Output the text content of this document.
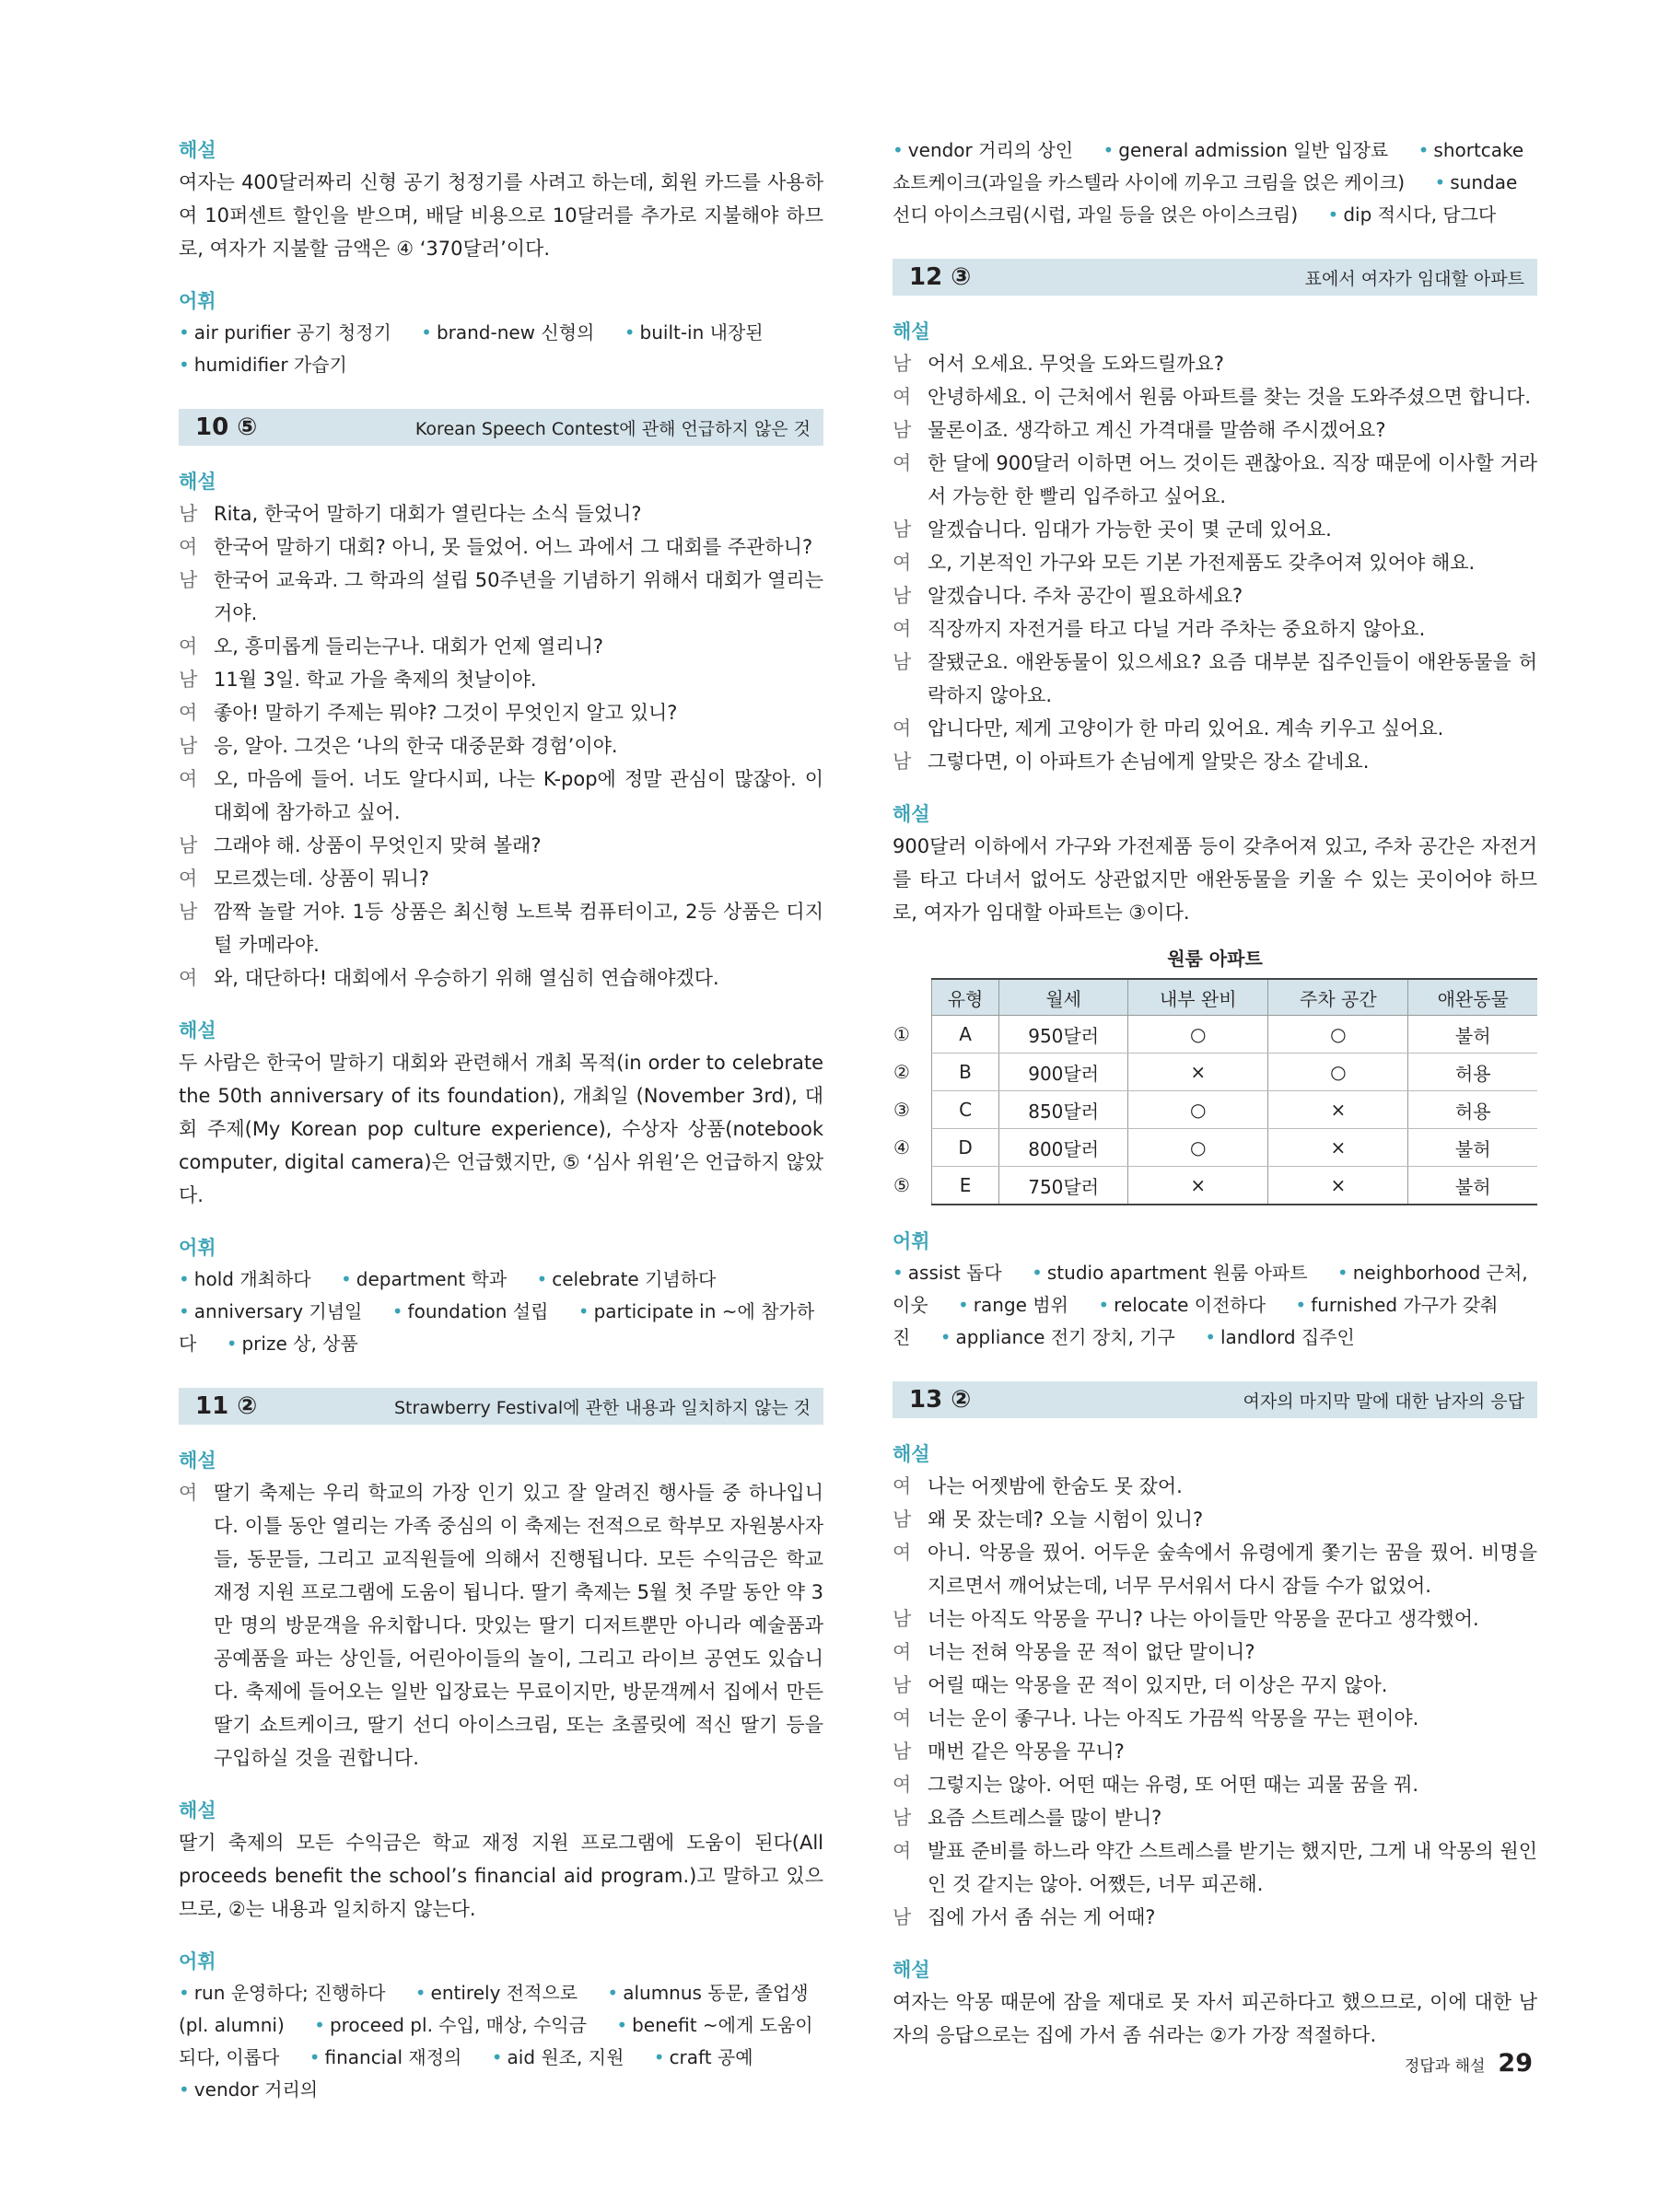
해설
여자는 400달러짜리 신형 공기 청정기를 사려고 하는데, 회원 카드를 사용하여 10퍼센트 할인을 받으며, 배달 비용으로 10달러를 추가로 지불해야 하므로, 여자가 지불할 금액은 ④ ‘370달러’이다.
어휘
• air purifier 공기 청정기 • brand-new 신형의 • built-in 내장된 • humidifier 가습기
10 ⑤	Korean Speech Contest에 관해 언급하지 않은 것
해설
남 Rita, 한국어 말하기 대회가 열린다는 소식 들었니?
여 한국어 말하기 대회? 아니, 못 들었어. 어느 과에서 그 대회를 주관하니?
남 한국어 교육과. 그 학과의 설립 50주년을 기념하기 위해서 대회가 열리는 거야.
여 오, 흥미롭게 들리는구나. 대회가 언제 열리니?
남 11월 3일. 학교 가을 축제의 첫날이야.
여 좋아! 말하기 주제는 뭐야? 그것이 무엇인지 알고 있니?
남 응, 알아. 그것은 ‘나의 한국 대중문화 경험’이야.
여 오, 마음에 들어. 너도 알다시피, 나는 K-pop에 정말 관심이 많잖아. 이 대회에 참가하고 싶어.
남 그래야 해. 상품이 무엇인지 맞혀 볼래?
여 모르겠는데. 상품이 뭐니?
남 깜짝 놀랄 거야. 1등 상품은 최신형 노트북 컴퓨터이고, 2등 상품은 디지털 카메라야.
여 와, 대단하다! 대회에서 우승하기 위해 열심히 연습해야겠다.
해설
두 사람은 한국어 말하기 대회와 관련해서 개최 목적(in order to celebrate the 50th anniversary of its foundation), 개최일 (November 3rd), 대회 주제(My Korean pop culture experience), 수상자 상품(notebook computer, digital camera)은 언급했지만, ⑤ ‘심사 위원’은 언급하지 않았다.
어휘
• hold 개최하다 • department 학과 • celebrate 기념하다 • anniversary 기념일 • foundation 설립 • participate in ~에 참가하다 • prize 상, 상품
11 ②	Strawberry Festival에 관한 내용과 일치하지 않는 것
해설
여 딸기 축제는 우리 학교의 가장 인기 있고 잘 알려진 행사들 중 하나입니다. 이틀 동안 열리는 가족 중심의 이 축제는 전적으로 학부모 자원봉사자들, 동문들, 그리고 교직원들에 의해서 진행됩니다. 모든 수익금은 학교 재정 지원 프로그램에 도움이 됩니다. 딸기 축제는 5월 첫 주말 동안 약 3만 명의 방문객을 유치합니다. 맛있는 딸기 디저트뿐만 아니라 예술품과 공예품을 파는 상인들, 어린아이들의 놀이, 그리고 라이브 공연도 있습니다. 축제에 들어오는 일반 입장료는 무료이지만, 방문객께서 집에서 만든 딸기 쇼트케이크, 딸기 선디 아이스크림, 또는 초콜릿에 적신 딸기 등을 구입하실 것을 권합니다.
해설
딸기 축제의 모든 수익금은 학교 재정 지원 프로그램에 도움이 된다(All proceeds benefit the school’s financial aid program.)고 말하고 있으므로, ②는 내용과 일치하지 않는다.
어휘
• run 운영하다; 진행하다 • entirely 전적으로 • alumnus 동문, 졸업생 (pl. alumni) • proceed pl. 수입, 매상, 수익금 • benefit ~에게 도움이 되다, 이롭다 • financial 재정의 • aid 원조, 지원 • craft 공예 • vendor 거리의
• vendor 거리의 상인 • general admission 일반 입장료 • shortcake 쇼트케이크(과일을 카스텔라 사이에 끼우고 크림을 얹은 케이크) • sundae 선디 아이스크림(시럽, 과일 등을 얹은 아이스크림) • dip 적시다, 담그다
12 ③	표에서 여자가 임대할 아파트
해설
남 어서 오세요. 무엇을 도와드릴까요?
여 안녕하세요. 이 근처에서 원룸 아파트를 찾는 것을 도와주셨으면 합니다.
남 물론이죠. 생각하고 계신 가격대를 말씀해 주시겠어요?
여 한 달에 900달러 이하면 어느 것이든 괜찮아요. 직장 때문에 이사할 거라서 가능한 한 빨리 입주하고 싶어요.
남 알겠습니다. 임대가 가능한 곳이 몇 군데 있어요.
여 오, 기본적인 가구와 모든 기본 가전제품도 갖추어져 있어야 해요.
남 알겠습니다. 주차 공간이 필요하세요?
여 직장까지 자전거를 타고 다닐 거라 주차는 중요하지 않아요.
남 잘됐군요. 애완동물이 있으세요? 요즘 대부분 집주인들이 애완동물을 허락하지 않아요.
여 압니다만, 제게 고양이가 한 마리 있어요. 계속 키우고 싶어요.
남 그렇다면, 이 아파트가 손님에게 알맞은 장소 같네요.
해설
900달러 이하에서 가구와 가전제품 등이 갖추어져 있고, 주차 공간은 자전거를 타고 다녀서 없어도 상관없지만 애완동물을 키울 수 있는 곳이어야 하므로, 여자가 임대할 아파트는 ③이다.
원룸 아파트
	유형	월세	내부 완비	주차 공간	애완동물
①	A	950달러	○	○	불허
②	B	900달러	×	○	허용
③	C	850달러	○	×	허용
④	D	800달러	○	×	불허
⑤	E	750달러	×	×	불허
어휘
• assist 돕다 • studio apartment 원룸 아파트 • neighborhood 근처, 이웃 • range 범위 • relocate 이전하다 • furnished 가구가 갖춰진 • appliance 전기 장치, 기구 • landlord 집주인
13 ②	여자의 마지막 말에 대한 남자의 응답
해설
여 나는 어젯밤에 한숨도 못 잤어.
남 왜 못 잤는데? 오늘 시험이 있니?
여 아니. 악몽을 꿨어. 어두운 숲속에서 유령에게 쫓기는 꿈을 꿨어. 비명을 지르면서 깨어났는데, 너무 무서워서 다시 잠들 수가 없었어.
남 너는 아직도 악몽을 꾸니? 나는 아이들만 악몽을 꾼다고 생각했어.
여 너는 전혀 악몽을 꾼 적이 없단 말이니?
남 어릴 때는 악몽을 꾼 적이 있지만, 더 이상은 꾸지 않아.
여 너는 운이 좋구나. 나는 아직도 가끔씩 악몽을 꾸는 편이야.
남 매번 같은 악몽을 꾸니?
여 그렇지는 않아. 어떤 때는 유령, 또 어떤 때는 괴물 꿈을 꿔.
남 요즘 스트레스를 많이 받니?
여 발표 준비를 하느라 약간 스트레스를 받기는 했지만, 그게 내 악몽의 원인인 것 같지는 않아. 어쨌든, 너무 피곤해.
남 집에 가서 좀 쉬는 게 어때?
해설
여자는 악몽 때문에 잠을 제대로 못 자서 피곤하다고 했으므로, 이에 대한 남자의 응답으로는 집에 가서 좀 쉬라는 ②가 가장 적절하다.
정답과 해설 29
